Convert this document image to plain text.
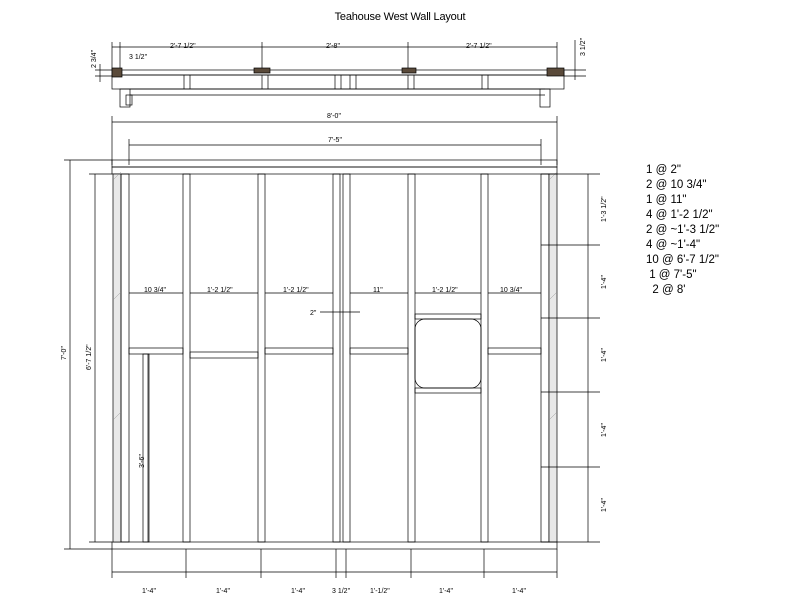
Teahouse West Wall Layout
2'-7 1/2"	2'-8"	2'-7 1/2"
3 1/2"
2 3/4"
3 1/2"
8'-0"
7'-5"
7'-0"	6'-7 1/2"
3'-6"
10 3/4"	1'-2 1/2"	1'-2 1/2"	11"	1'-2 1/2"	10 3/4"
2"
1'-3 1/2"
1'-4"
1'-4"
1'-4"
1'-4"
1'-4"	1'-4"	1'-4"	3 1/2"	1'-1/2"	1'-4"	1'-4"
1 @ 2"
2 @ 10 3/4"
1 @ 11"
4 @ 1'-2 1/2"
2 @ ~1'-3 1/2"
4 @ ~1'-4"
10 @ 6'-7 1/2"
1 @ 7'-5"
2 @ 8'
